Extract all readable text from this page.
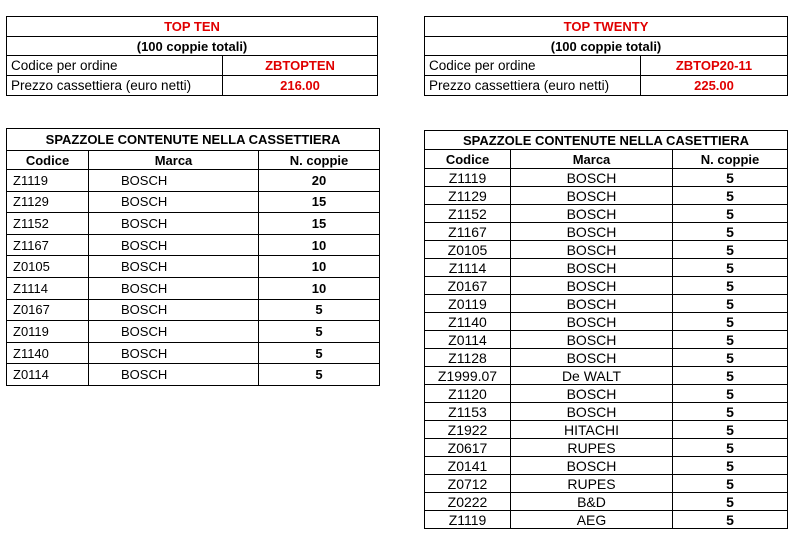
TOP TEN	
(100 coppie totali)	
Codice per ordine	ZBTOPTEN
Prezzo cassettiera (euro netti)	216.00
TOP TWENTY	
(100 coppie totali)	
Codice per ordine	ZBTOP20-11
Prezzo cassettiera (euro netti)	225.00
SPAZZOLE CONTENUTE NELLA CASSETTIERA		
Codice	Marca	N. coppie
Z1119	BOSCH	20
Z1129	BOSCH	15
Z1152	BOSCH	15
Z1167	BOSCH	10
Z0105	BOSCH	10
Z1114	BOSCH	10
Z0167	BOSCH	5
Z0119	BOSCH	5
Z1140	BOSCH	5
Z0114	BOSCH	5
SPAZZOLE CONTENUTE NELLA CASETTIERA		
Codice	Marca	N. coppie
Z1119	BOSCH	5
Z1129	BOSCH	5
Z1152	BOSCH	5
Z1167	BOSCH	5
Z0105	BOSCH	5
Z1114	BOSCH	5
Z0167	BOSCH	5
Z0119	BOSCH	5
Z1140	BOSCH	5
Z0114	BOSCH	5
Z1128	BOSCH	5
Z1999.07	De WALT	5
Z1120	BOSCH	5
Z1153	BOSCH	5
Z1922	HITACHI	5
Z0617	RUPES	5
Z0141	BOSCH	5
Z0712	RUPES	5
Z0222	B&D	5
Z1119	AEG	5
